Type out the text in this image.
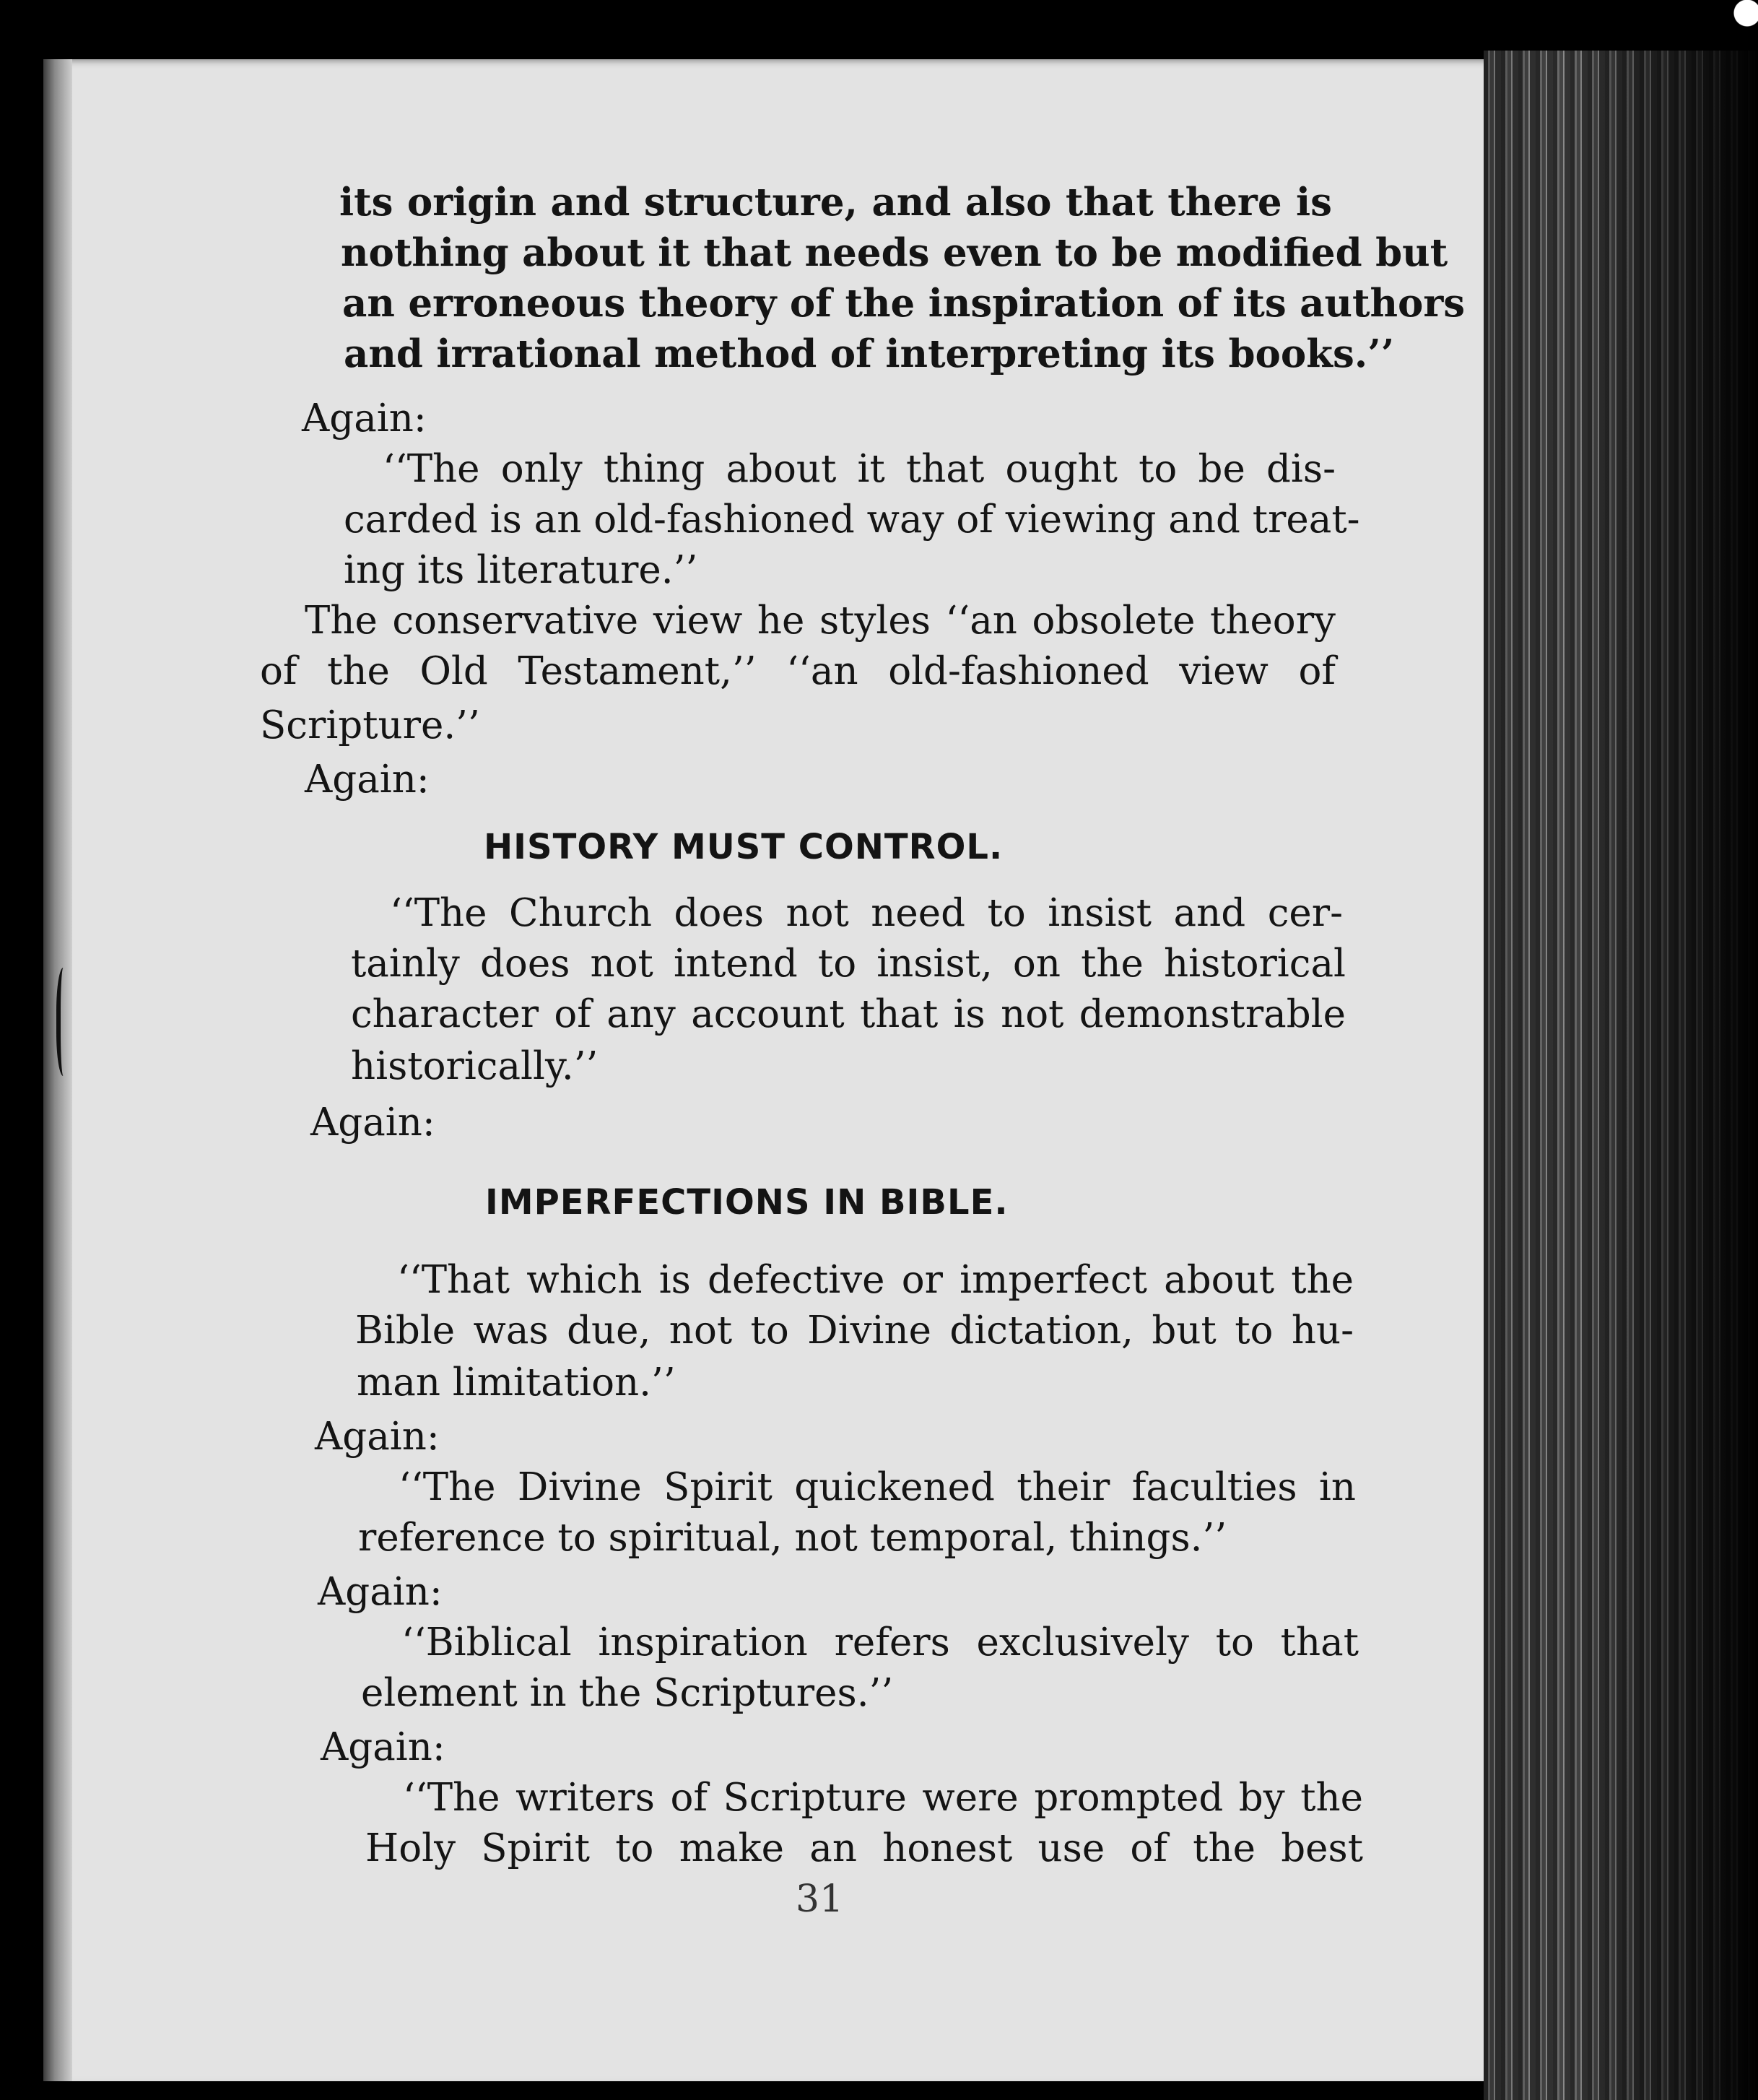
its origin and structure, and also that there is
nothing about it that needs even to be modified but
an erroneous theory of the inspiration of its authors
and irrational method of interpreting its books.’’
Again:
‘‘The only thing about it that ought to be dis-
carded is an old-fashioned way of viewing and treat-
ing its literature.’’
The conservative view he styles ‘‘an obsolete theory
of the Old Testament,’’ ‘‘an old-fashioned view of
Scripture.’’
Again:
HISTORY MUST CONTROL.
‘‘The Church does not need to insist and cer-
tainly does not intend to insist, on the historical
character of any account that is not demonstrable
historically.’’
Again:
IMPERFECTIONS IN BIBLE.
‘‘That which is defective or imperfect about the
Bible was due, not to Divine dictation, but to hu-
man limitation.’’
Again:
‘‘The Divine Spirit quickened their faculties in
reference to spiritual, not temporal, things.’’
Again:
‘‘Biblical inspiration refers exclusively to that
element in the Scriptures.’’
Again:
‘‘The writers of Scripture were prompted by the
Holy Spirit to make an honest use of the best
31
